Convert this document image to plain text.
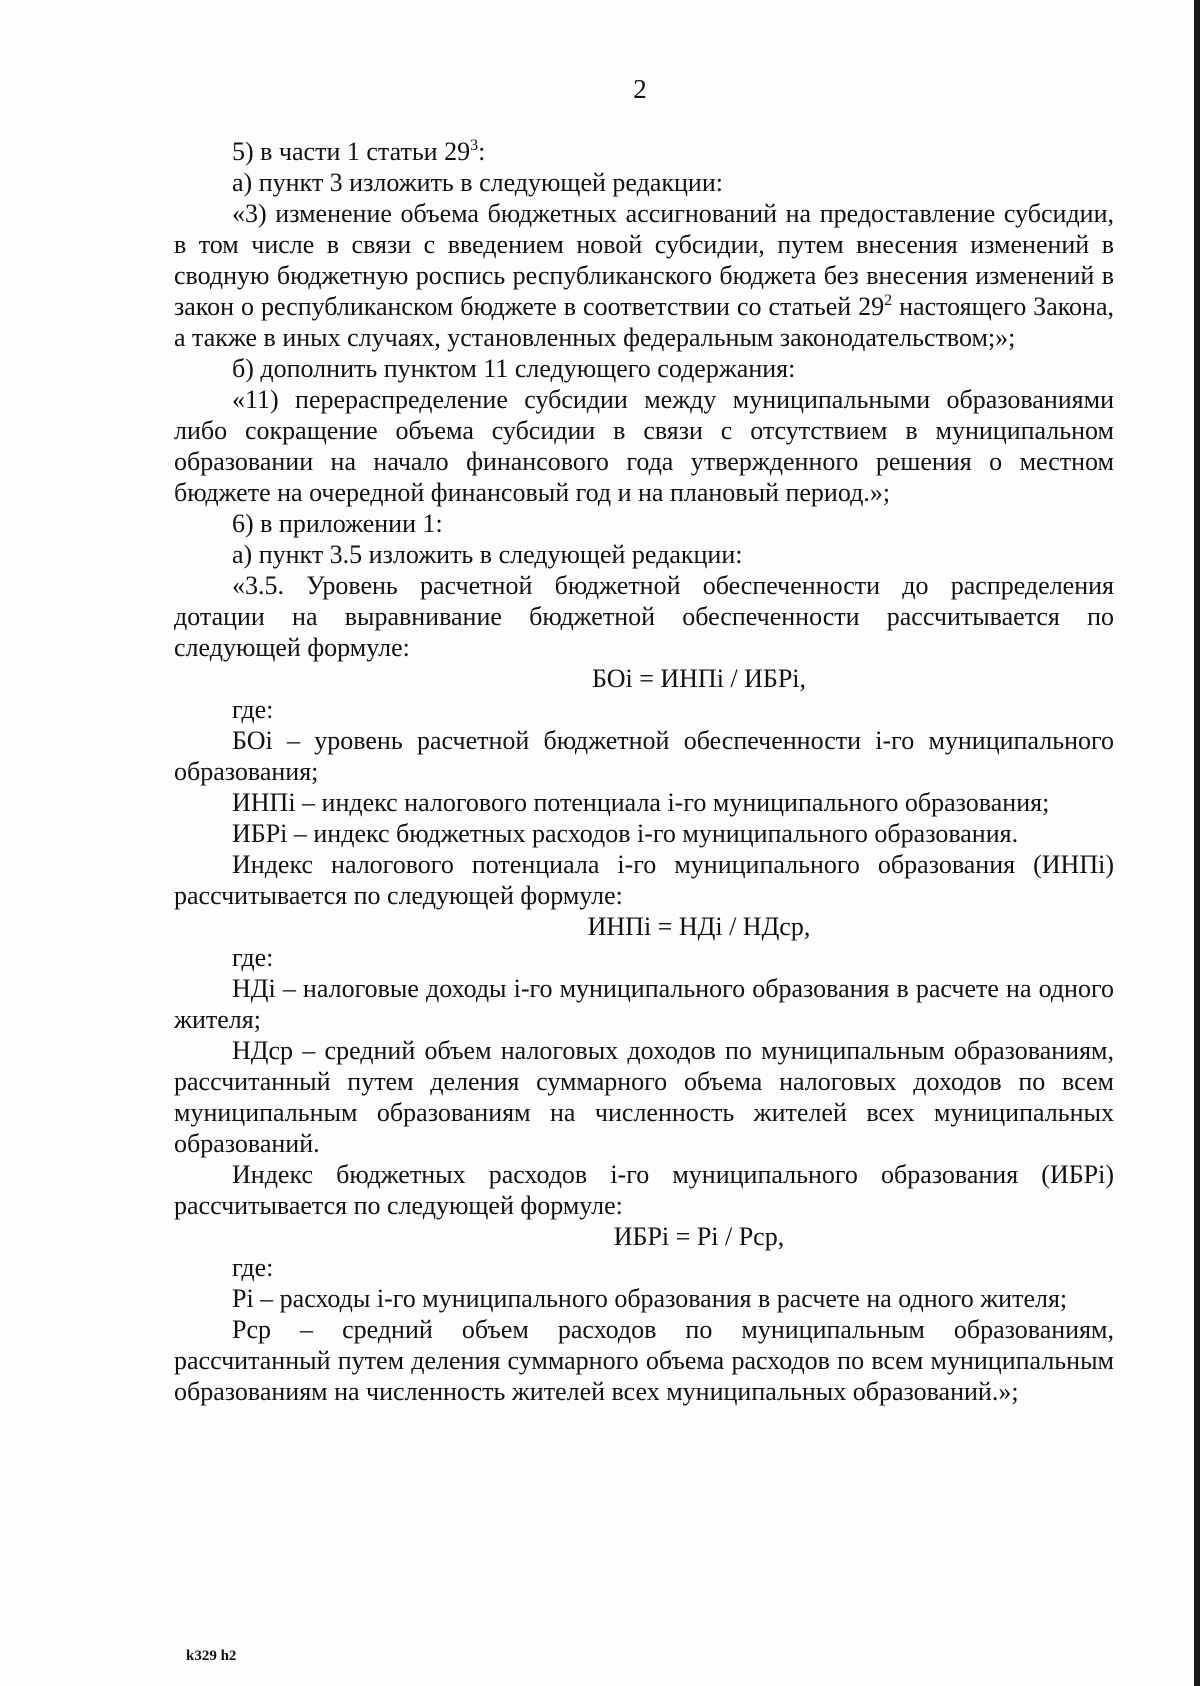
2

5) в части 1 статьи $29^3$:

а) пункт 3 изложить в следующей редакции:

«3) изменение объема бюджетных ассигнований на предоставление субсидии, в том числе в связи с введением новой субсидии, путем внесения изменений в сводную бюджетную роспись республиканского бюджета без внесения изменений в закон о республиканском бюджете в соответствии со статьей $29^2$ настоящего Закона, а также в иных случаях, установленных федеральным законодательством;»;

б) дополнить пунктом 11 следующего содержания:

«11) перераспределение субсидии между муниципальными образованиями либо сокращение объема субсидии в связи с отсутствием в муниципальном образовании на начало финансового года утвержденного решения о местном бюджете на очередной финансовый год и на плановый период.»;

6) в приложении 1:

а) пункт 3.5 изложить в следующей редакции:

«3.5. Уровень расчетной бюджетной обеспеченности до распределения дотации на выравнивание бюджетной обеспеченности рассчитывается по следующей формуле:

БОi = ИНПi / ИБРi,

где:

БОi – уровень расчетной бюджетной обеспеченности i-го муниципального образования;

ИНПi – индекс налогового потенциала i-го муниципального образования;

ИБРi – индекс бюджетных расходов i-го муниципального образования.

Индекс налогового потенциала i-го муниципального образования (ИНПi) рассчитывается по следующей формуле:

ИНПi = НДi / НДср,

где:

НДi – налоговые доходы i-го муниципального образования в расчете на одного жителя;

НДср – средний объем налоговых доходов по муниципальным образованиям, рассчитанный путем деления суммарного объема налоговых доходов по всем муниципальным образованиям на численность жителей всех муниципальных образований.

Индекс бюджетных расходов i-го муниципального образования (ИБРi) рассчитывается по следующей формуле:

ИБРi = Рi / Рср,

где:

Рi – расходы i-го муниципального образования в расчете на одного жителя;

Рср – средний объем расходов по муниципальным образованиям, рассчитанный путем деления суммарного объема расходов по всем муниципальным образованиям на численность жителей всех муниципальных образований.»;

k329 h2
